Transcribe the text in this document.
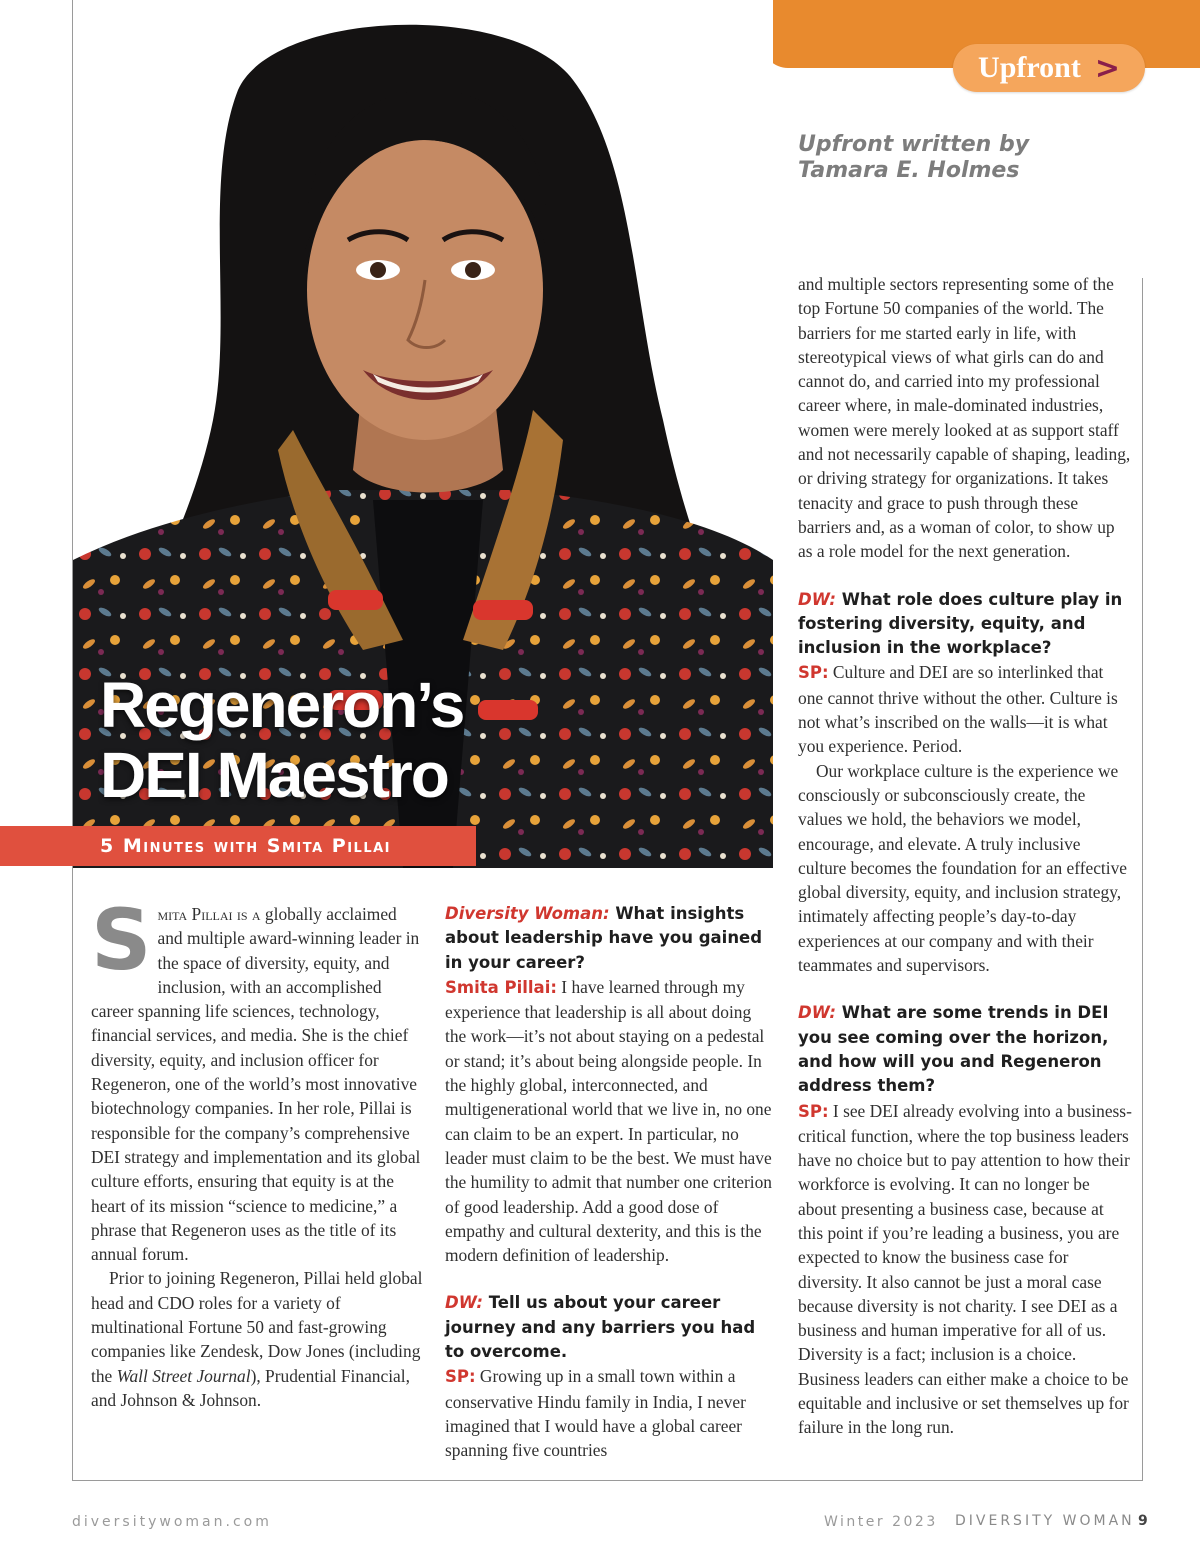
Upfront >
Upfront written by
Tamara E. Holmes
Regeneron’s
DEI Maestro
5 Minutes with Smita Pillai

Smita Pillai is a globally acclaimed and multiple award-winning leader in the space of diversity, equity, and inclusion, with an accomplished career spanning life sciences, technology, financial services, and media. She is the chief diversity, equity, and inclusion officer for Regeneron, one of the world’s most innovative biotechnology companies. In her role, Pillai is responsible for the company’s comprehensive DEI strategy and implementation and its global culture efforts, ensuring that equity is at the heart of its mission “science to medicine,” a phrase that Regeneron uses as the title of its annual forum.

Prior to joining Regeneron, Pillai held global head and CDO roles for a variety of multinational Fortune 50 and fast-growing companies like Zendesk, Dow Jones (including the Wall Street Journal), Prudential Financial, and Johnson & Johnson.

Diversity Woman: What insights about leadership have you gained in your career?

Smita Pillai: I have learned through my experience that leadership is all about doing the work—it’s not about staying on a pedestal or stand; it’s about being alongside people. In the highly global, interconnected, and multigenerational world that we live in, no one can claim to be an expert. In particular, no leader must claim to be the best. We must have the humility to admit that number one criterion of good leadership. Add a good dose of empathy and cultural dexterity, and this is the modern definition of leadership.

DW: Tell us about your career journey and any barriers you had to overcome.

SP: Growing up in a small town within a conservative Hindu family in India, I never imagined that I would have a global career spanning five countries

and multiple sectors representing some of the top Fortune 50 companies of the world. The barriers for me started early in life, with stereotypical views of what girls can do and cannot do, and carried into my professional career where, in male-dominated industries, women were merely looked at as support staff and not necessarily capable of shaping, leading, or driving strategy for organizations. It takes tenacity and grace to push through these barriers and, as a woman of color, to show up as a role model for the next generation.

DW: What role does culture play in fostering diversity, equity, and inclusion in the workplace?

SP: Culture and DEI are so interlinked that one cannot thrive without the other. Culture is not what’s inscribed on the walls—it is what you experience. Period.

Our workplace culture is the experience we consciously or subconsciously create, the values we hold, the behaviors we model, encourage, and elevate. A truly inclusive culture becomes the foundation for an effective global diversity, equity, and inclusion strategy, intimately affecting people’s day-to-day experiences at our company and with their teammates and supervisors.

DW: What are some trends in DEI you see coming over the horizon, and how will you and Regeneron address them?

SP: I see DEI already evolving into a business-critical function, where the top business leaders have no choice but to pay attention to how their workforce is evolving. It can no longer be about presenting a business case, because at this point if you’re leading a business, you are expected to know the business case for diversity. It also cannot be just a moral case because diversity is not charity. I see DEI as a business and human imperative for all of us. Diversity is a fact; inclusion is a choice. Business leaders can either make a choice to be equitable and inclusive or set themselves up for failure in the long run.

diversitywoman.com	Winter 2023 DIVERSITY WOMAN 9
